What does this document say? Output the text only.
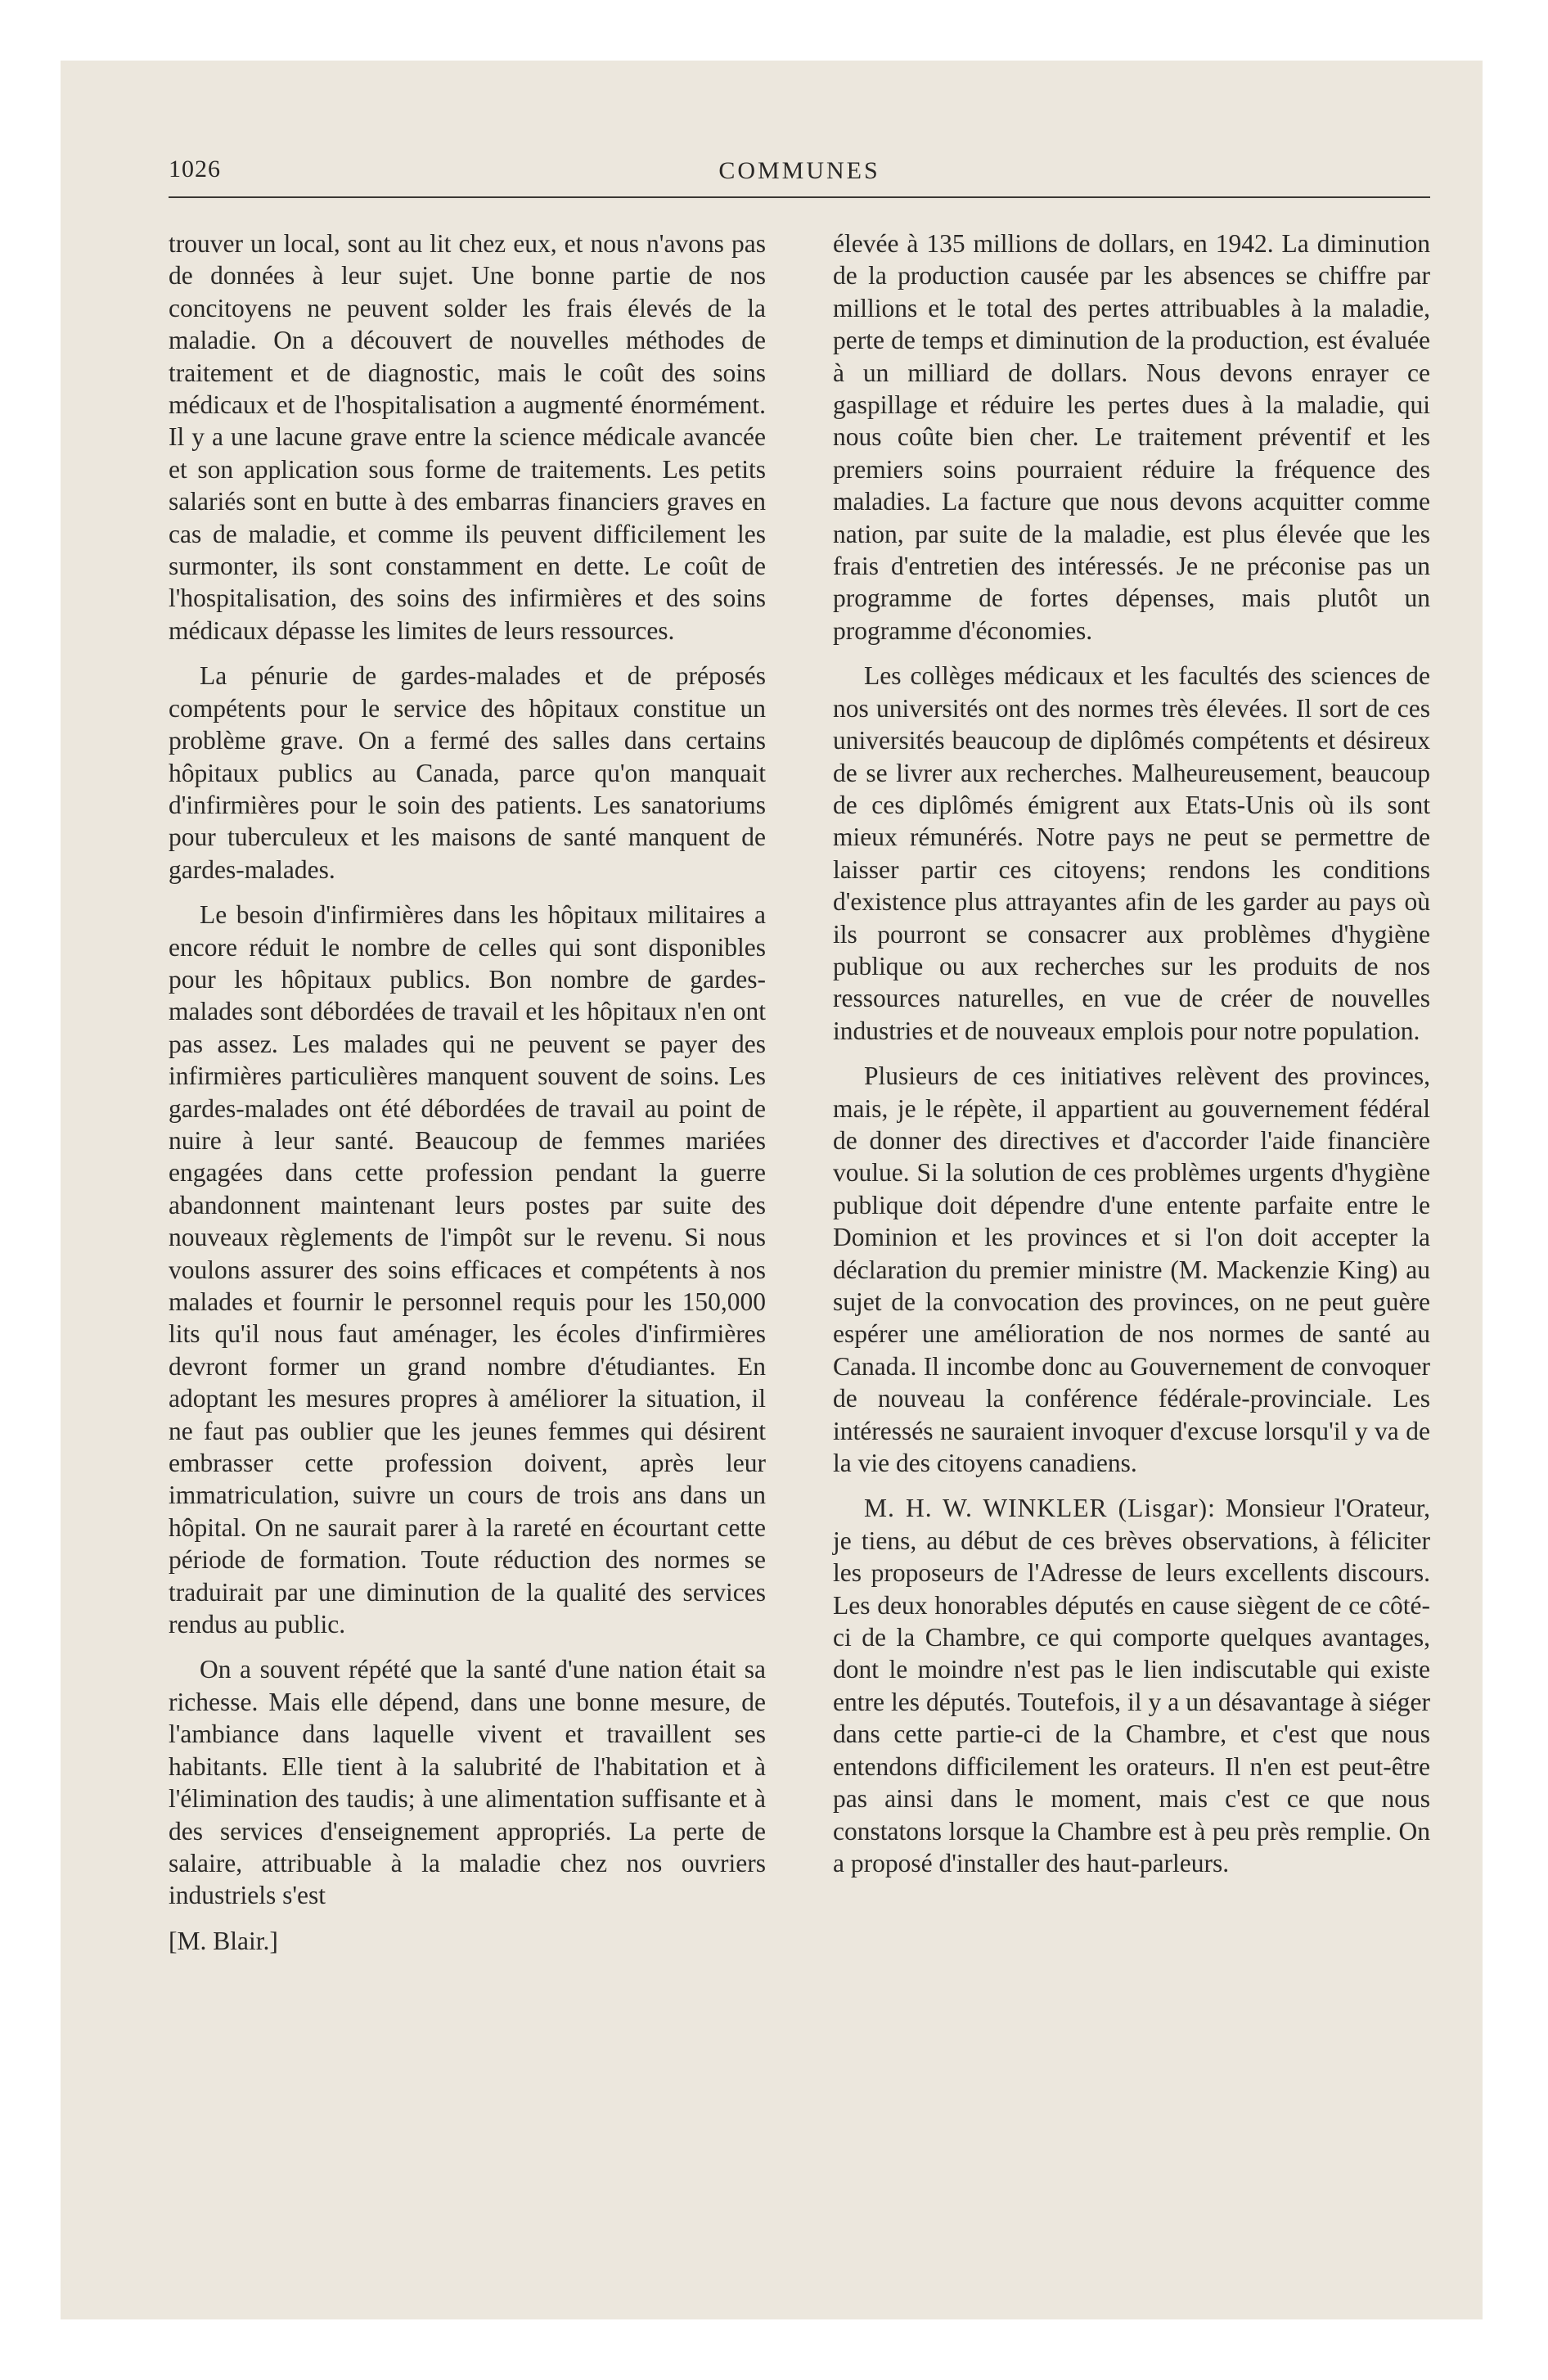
1026	COMMUNES

trouver un local, sont au lit chez eux, et nous n'avons pas de données à leur sujet. Une bonne partie de nos concitoyens ne peuvent solder les frais élevés de la maladie. On a découvert de nouvelles méthodes de traitement et de diagnostic, mais le coût des soins médicaux et de l'hospitalisation a augmenté énormément. Il y a une lacune grave entre la science médicale avancée et son application sous forme de traitements. Les petits salariés sont en butte à des embarras financiers graves en cas de maladie, et comme ils peuvent difficilement les surmonter, ils sont constamment en dette. Le coût de l'hospitalisation, des soins des infirmières et des soins médicaux dépasse les limites de leurs ressources.

La pénurie de gardes-malades et de préposés compétents pour le service des hôpitaux constitue un problème grave. On a fermé des salles dans certains hôpitaux publics au Canada, parce qu'on manquait d'infirmières pour le soin des patients. Les sanatoriums pour tuberculeux et les maisons de santé manquent de gardes-malades.

Le besoin d'infirmières dans les hôpitaux militaires a encore réduit le nombre de celles qui sont disponibles pour les hôpitaux publics. Bon nombre de gardes-malades sont débordées de travail et les hôpitaux n'en ont pas assez. Les malades qui ne peuvent se payer des infirmières particulières manquent souvent de soins. Les gardes-malades ont été débordées de travail au point de nuire à leur santé. Beaucoup de femmes mariées engagées dans cette profession pendant la guerre abandonnent maintenant leurs postes par suite des nouveaux règlements de l'impôt sur le revenu. Si nous voulons assurer des soins efficaces et compétents à nos malades et fournir le personnel requis pour les 150,000 lits qu'il nous faut aménager, les écoles d'infirmières devront former un grand nombre d'étudiantes. En adoptant les mesures propres à améliorer la situation, il ne faut pas oublier que les jeunes femmes qui désirent embrasser cette profession doivent, après leur immatriculation, suivre un cours de trois ans dans un hôpital. On ne saurait parer à la rareté en écourtant cette période de formation. Toute réduction des normes se traduirait par une diminution de la qualité des services rendus au public.

On a souvent répété que la santé d'une nation était sa richesse. Mais elle dépend, dans une bonne mesure, de l'ambiance dans laquelle vivent et travaillent ses habitants. Elle tient à la salubrité de l'habitation et à l'élimination des taudis; à une alimentation suffisante et à des services d'enseignement appropriés. La perte de salaire, attribuable à la maladie chez nos ouvriers industriels s'est

[M. Blair.]

élevée à 135 millions de dollars, en 1942. La diminution de la production causée par les absences se chiffre par millions et le total des pertes attribuables à la maladie, perte de temps et diminution de la production, est évaluée à un milliard de dollars. Nous devons enrayer ce gaspillage et réduire les pertes dues à la maladie, qui nous coûte bien cher. Le traitement préventif et les premiers soins pourraient réduire la fréquence des maladies. La facture que nous devons acquitter comme nation, par suite de la maladie, est plus élevée que les frais d'entretien des intéressés. Je ne préconise pas un programme de fortes dépenses, mais plutôt un programme d'économies.

Les collèges médicaux et les facultés des sciences de nos universités ont des normes très élevées. Il sort de ces universités beaucoup de diplômés compétents et désireux de se livrer aux recherches. Malheureusement, beaucoup de ces diplômés émigrent aux Etats-Unis où ils sont mieux rémunérés. Notre pays ne peut se permettre de laisser partir ces citoyens; rendons les conditions d'existence plus attrayantes afin de les garder au pays où ils pourront se consacrer aux problèmes d'hygiène publique ou aux recherches sur les produits de nos ressources naturelles, en vue de créer de nouvelles industries et de nouveaux emplois pour notre population.

Plusieurs de ces initiatives relèvent des provinces, mais, je le répète, il appartient au gouvernement fédéral de donner des directives et d'accorder l'aide financière voulue. Si la solution de ces problèmes urgents d'hygiène publique doit dépendre d'une entente parfaite entre le Dominion et les provinces et si l'on doit accepter la déclaration du premier ministre (M. Mackenzie King) au sujet de la convocation des provinces, on ne peut guère espérer une amélioration de nos normes de santé au Canada. Il incombe donc au Gouvernement de convoquer de nouveau la conférence fédérale-provinciale. Les intéressés ne sauraient invoquer d'excuse lorsqu'il y va de la vie des citoyens canadiens.

M. H. W. WINKLER (Lisgar): Monsieur l'Orateur, je tiens, au début de ces brèves observations, à féliciter les proposeurs de l'Adresse de leurs excellents discours. Les deux honorables députés en cause siègent de ce côté-ci de la Chambre, ce qui comporte quelques avantages, dont le moindre n'est pas le lien indiscutable qui existe entre les députés. Toutefois, il y a un désavantage à siéger dans cette partie-ci de la Chambre, et c'est que nous entendons difficilement les orateurs. Il n'en est peut-être pas ainsi dans le moment, mais c'est ce que nous constatons lorsque la Chambre est à peu près remplie. On a proposé d'installer des haut-parleurs.
